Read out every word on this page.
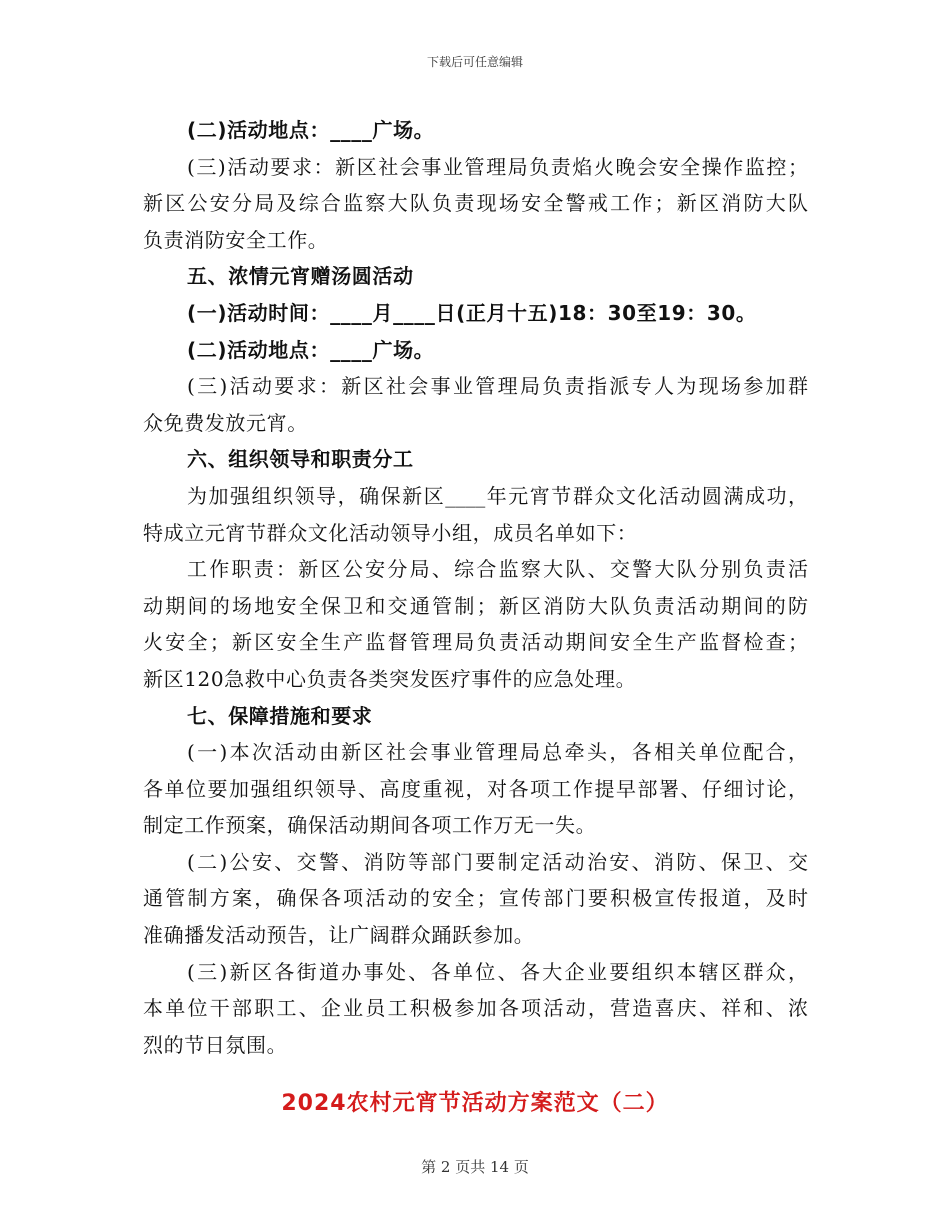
下载后可任意编辑
(二)活动地点：____广场。
(三)活动要求：新区社会事业管理局负责焰火晚会安全操作监控；
新区公安分局及综合监察大队负责现场安全警戒工作；新区消防大队
负责消防安全工作。
五、浓情元宵赠汤圆活动
(一)活动时间：____月____日(正月十五)18：30至19：30。
(二)活动地点：____广场。
(三)活动要求：新区社会事业管理局负责指派专人为现场参加群
众免费发放元宵。
六、组织领导和职责分工
为加强组织领导，确保新区____年元宵节群众文化活动圆满成功，
特成立元宵节群众文化活动领导小组，成员名单如下：
工作职责：新区公安分局、综合监察大队、交警大队分别负责活
动期间的场地安全保卫和交通管制；新区消防大队负责活动期间的防
火安全；新区安全生产监督管理局负责活动期间安全生产监督检查；
新区120急救中心负责各类突发医疗事件的应急处理。
七、保障措施和要求
(一)本次活动由新区社会事业管理局总牵头，各相关单位配合，
各单位要加强组织领导、高度重视，对各项工作提早部署、仔细讨论，
制定工作预案，确保活动期间各项工作万无一失。
(二)公安、交警、消防等部门要制定活动治安、消防、保卫、交
通管制方案，确保各项活动的安全；宣传部门要积极宣传报道，及时
准确播发活动预告，让广阔群众踊跃参加。
(三)新区各街道办事处、各单位、各大企业要组织本辖区群众，
本单位干部职工、企业员工积极参加各项活动，营造喜庆、祥和、浓
烈的节日氛围。
2024农村元宵节活动方案范文（二）
第 2 页共 14 页
